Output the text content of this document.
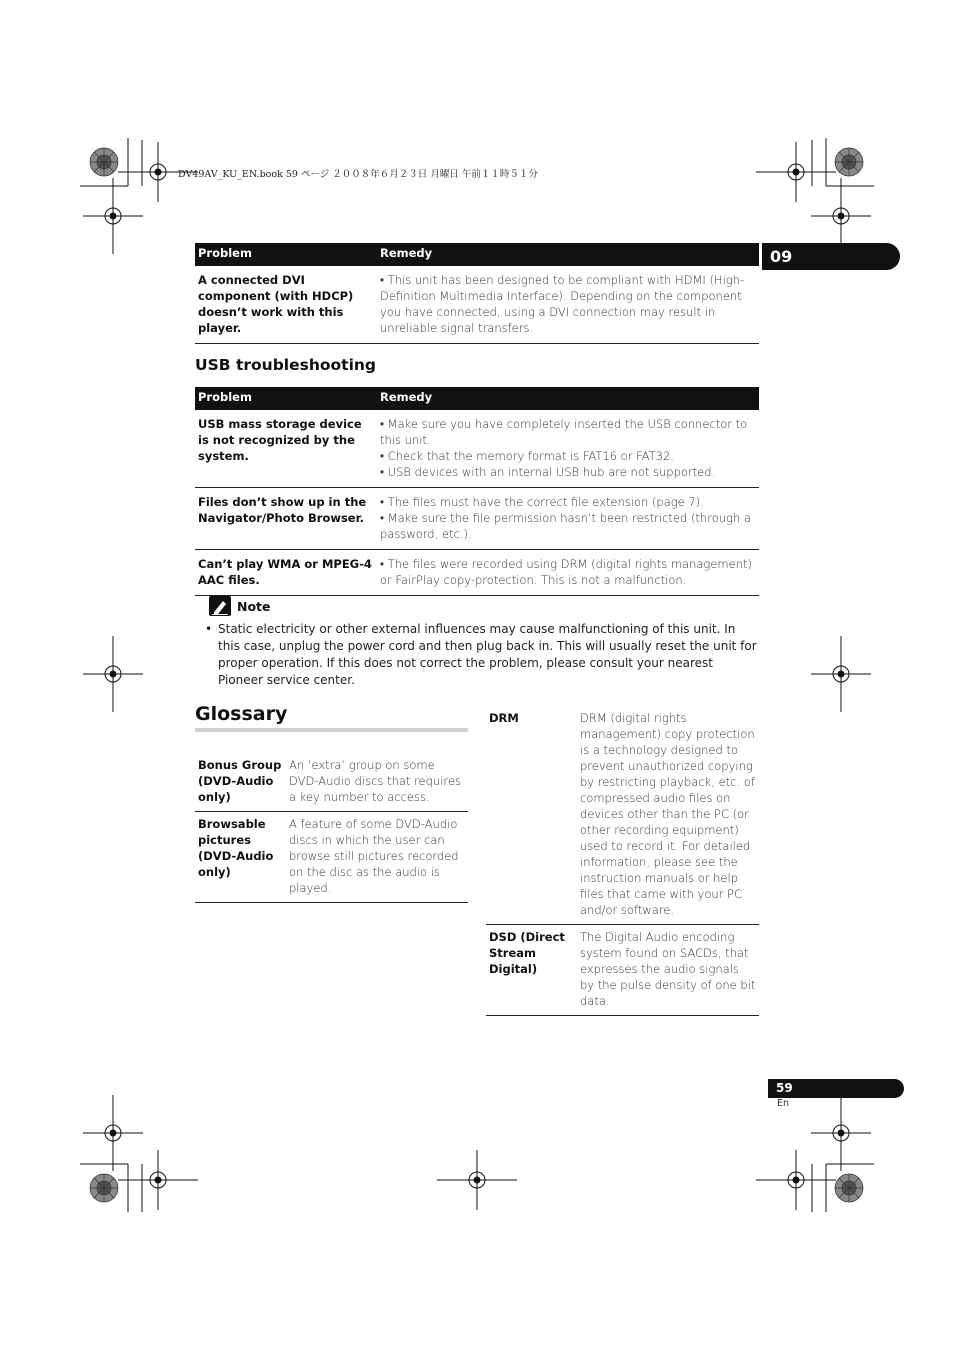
DV49AV_KU_EN.book 59 ページ ２００８年６月２３日 月曜日 午前１１時５１分
09
Problem	Remedy
A connected DVI component (with HDCP) doesn’t work with this player.	• This unit has been designed to be compliant with HDMI (High-Definition Multimedia Interface). Depending on the component you have connected, using a DVI connection may result in unreliable signal transfers.
USB troubleshooting
Problem	Remedy
USB mass storage device is not recognized by the system.	• Make sure you have completely inserted the USB connector to this unit.
• Check that the memory format is FAT16 or FAT32.
• USB devices with an internal USB hub are not supported.

Files don’t show up in the Navigator/Photo Browser.	• The files must have the correct file extension (page 7).
• Make sure the file permission hasn’t been restricted (through a password, etc.).

Can’t play WMA or MPEG-4 AAC files.	• The files were recorded using DRM (digital rights management) or FairPlay copy-protection. This is not a malfunction.
Note
• Static electricity or other external influences may cause malfunctioning of this unit. In this case, unplug the power cord and then plug back in. This will usually reset the unit for proper operation. If this does not correct the problem, please consult your nearest Pioneer service center.
Glossary
Bonus Group (DVD-Audio only)	An ‘extra’ group on some DVD-Audio discs that requires a key number to access.
Browsable pictures (DVD-Audio only)	A feature of some DVD-Audio discs in which the user can browse still pictures recorded on the disc as the audio is played.
DRM	DRM (digital rights management) copy protection is a technology designed to prevent unauthorized copying by restricting playback, etc. of compressed audio files on devices other than the PC (or other recording equipment) used to record it. For detailed information, please see the instruction manuals or help files that came with your PC and/or software.
DSD (Direct Stream Digital)	The Digital Audio encoding system found on SACDs, that expresses the audio signals by the pulse density of one bit data.
59
En
